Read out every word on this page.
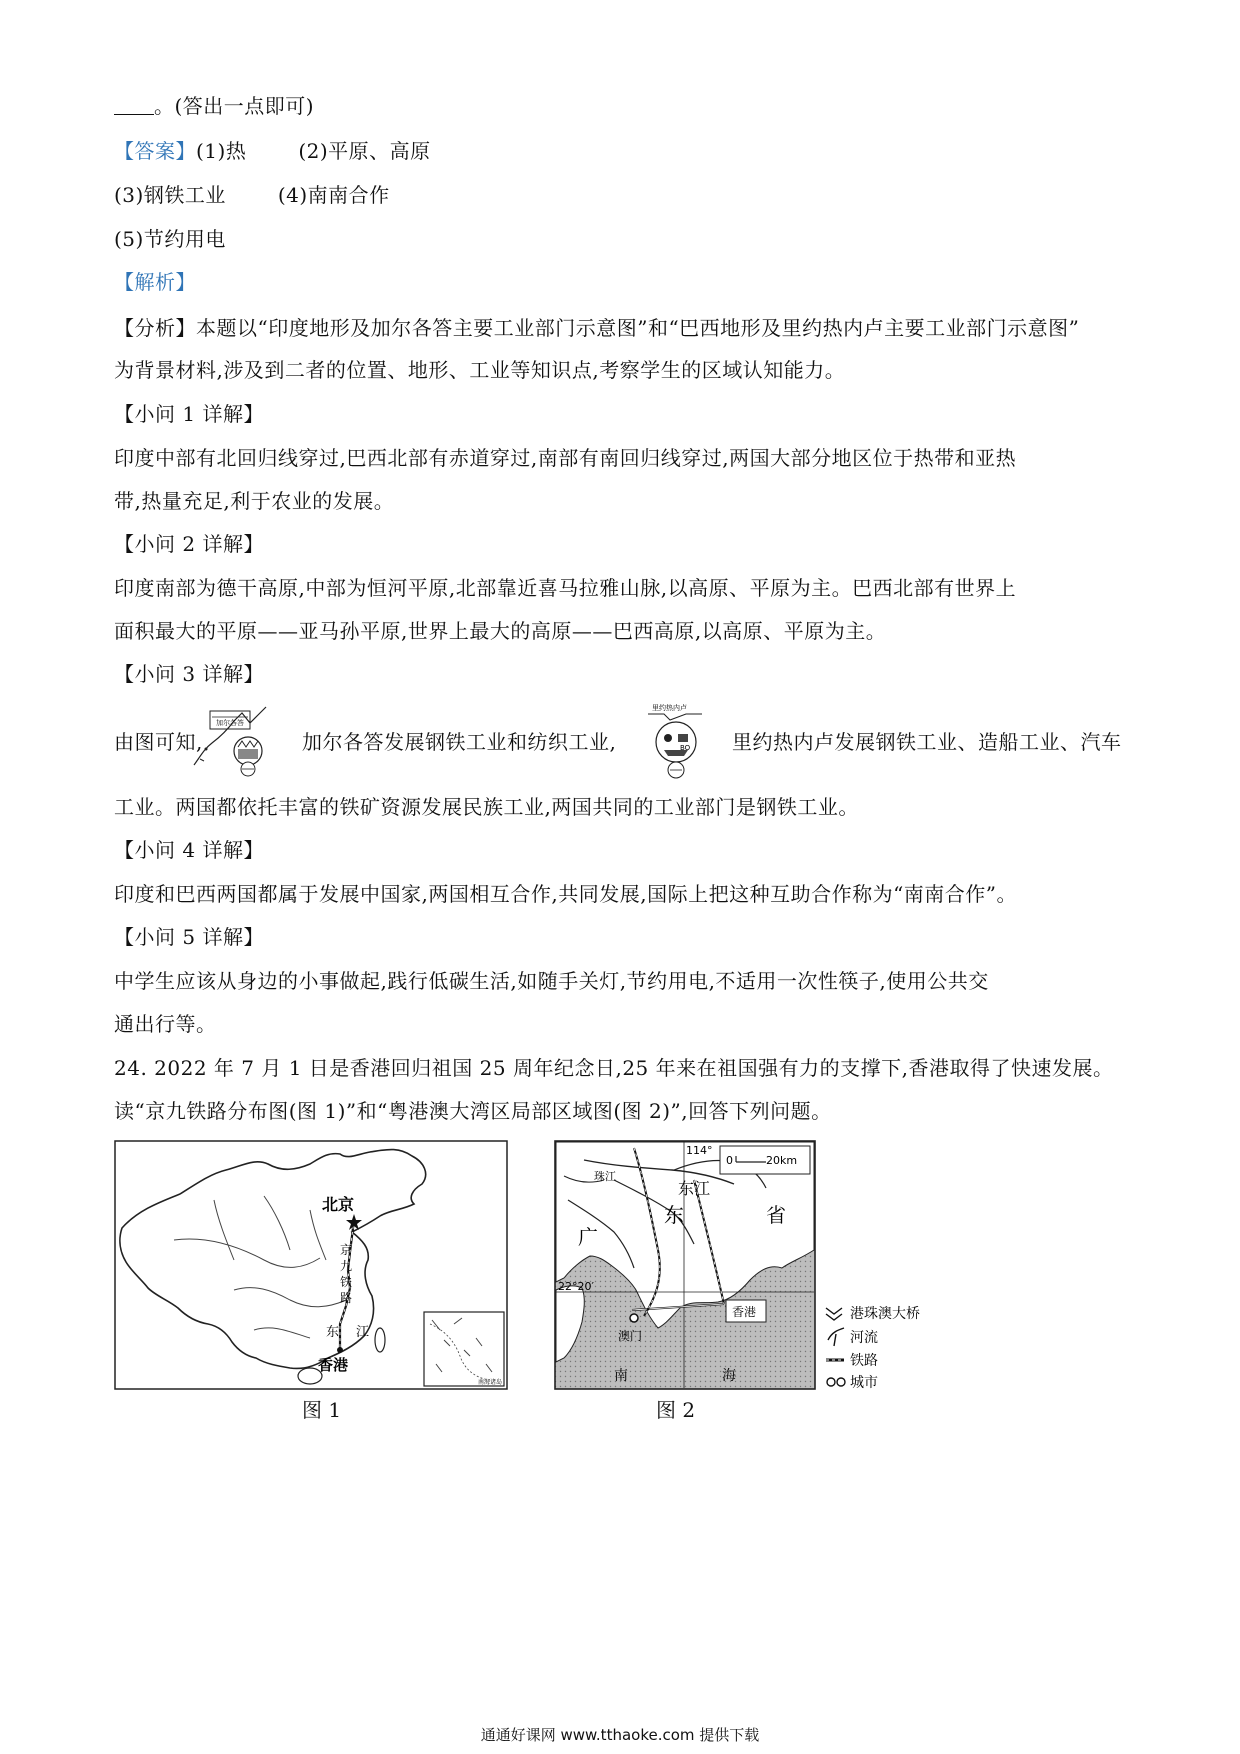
。(答出一点即可)
【答案】(1)热	(2)平原、高原
(3)钢铁工业	(4)南南合作
(5)节约用电
【解析】
【分析】本题以“印度地形及加尔各答主要工业部门示意图”和“巴西地形及里约热内卢主要工业部门示意图”
为背景材料,涉及到二者的位置、地形、工业等知识点,考察学生的区域认知能力。
【小问 1 详解】
印度中部有北回归线穿过,巴西北部有赤道穿过,南部有南回归线穿过,两国大部分地区位于热带和亚热
带,热量充足,利于农业的发展。
【小问 2 详解】
印度南部为德干高原,中部为恒河平原,北部靠近喜马拉雅山脉,以高原、平原为主。巴西北部有世界上
面积最大的平原——亚马孙平原,世界上最大的高原——巴西高原,以高原、平原为主。
【小问 3 详解】
由图可知,
加尔各答
加尔各答发展钢铁工业和纺织工业,
里约热内卢
BO 里约热内卢发展钢铁工业、造船工业、汽车
工业。两国都依托丰富的铁矿资源发展民族工业,两国共同的工业部门是钢铁工业。
【小问 4 详解】
印度和巴西两国都属于发展中国家,两国相互合作,共同发展,国际上把这种互助合作称为“南南合作”。
【小问 5 详解】
中学生应该从身边的小事做起,践行低碳生活,如随手关灯,节约用电,不适用一次性筷子,使用公共交
通出行等。
24. 2022 年 7 月 1 日是香港回归祖国 25 周年纪念日,25 年来在祖国强有力的支撑下,香港取得了快速发展。
读“京九铁路分布图(图 1)”和“粤港澳大湾区局部区域图(图 2)”,回答下列问题。
北京
京
九
铁
路
东 江
香港
南海诸岛
图 1
114°
22°20′
0	20km
珠江
东江
东	省
广
澳门
香港
南	海
港珠澳大桥
河流
铁路
城市
图 2
通通好课网 www.tthaoke.com 提供下载
